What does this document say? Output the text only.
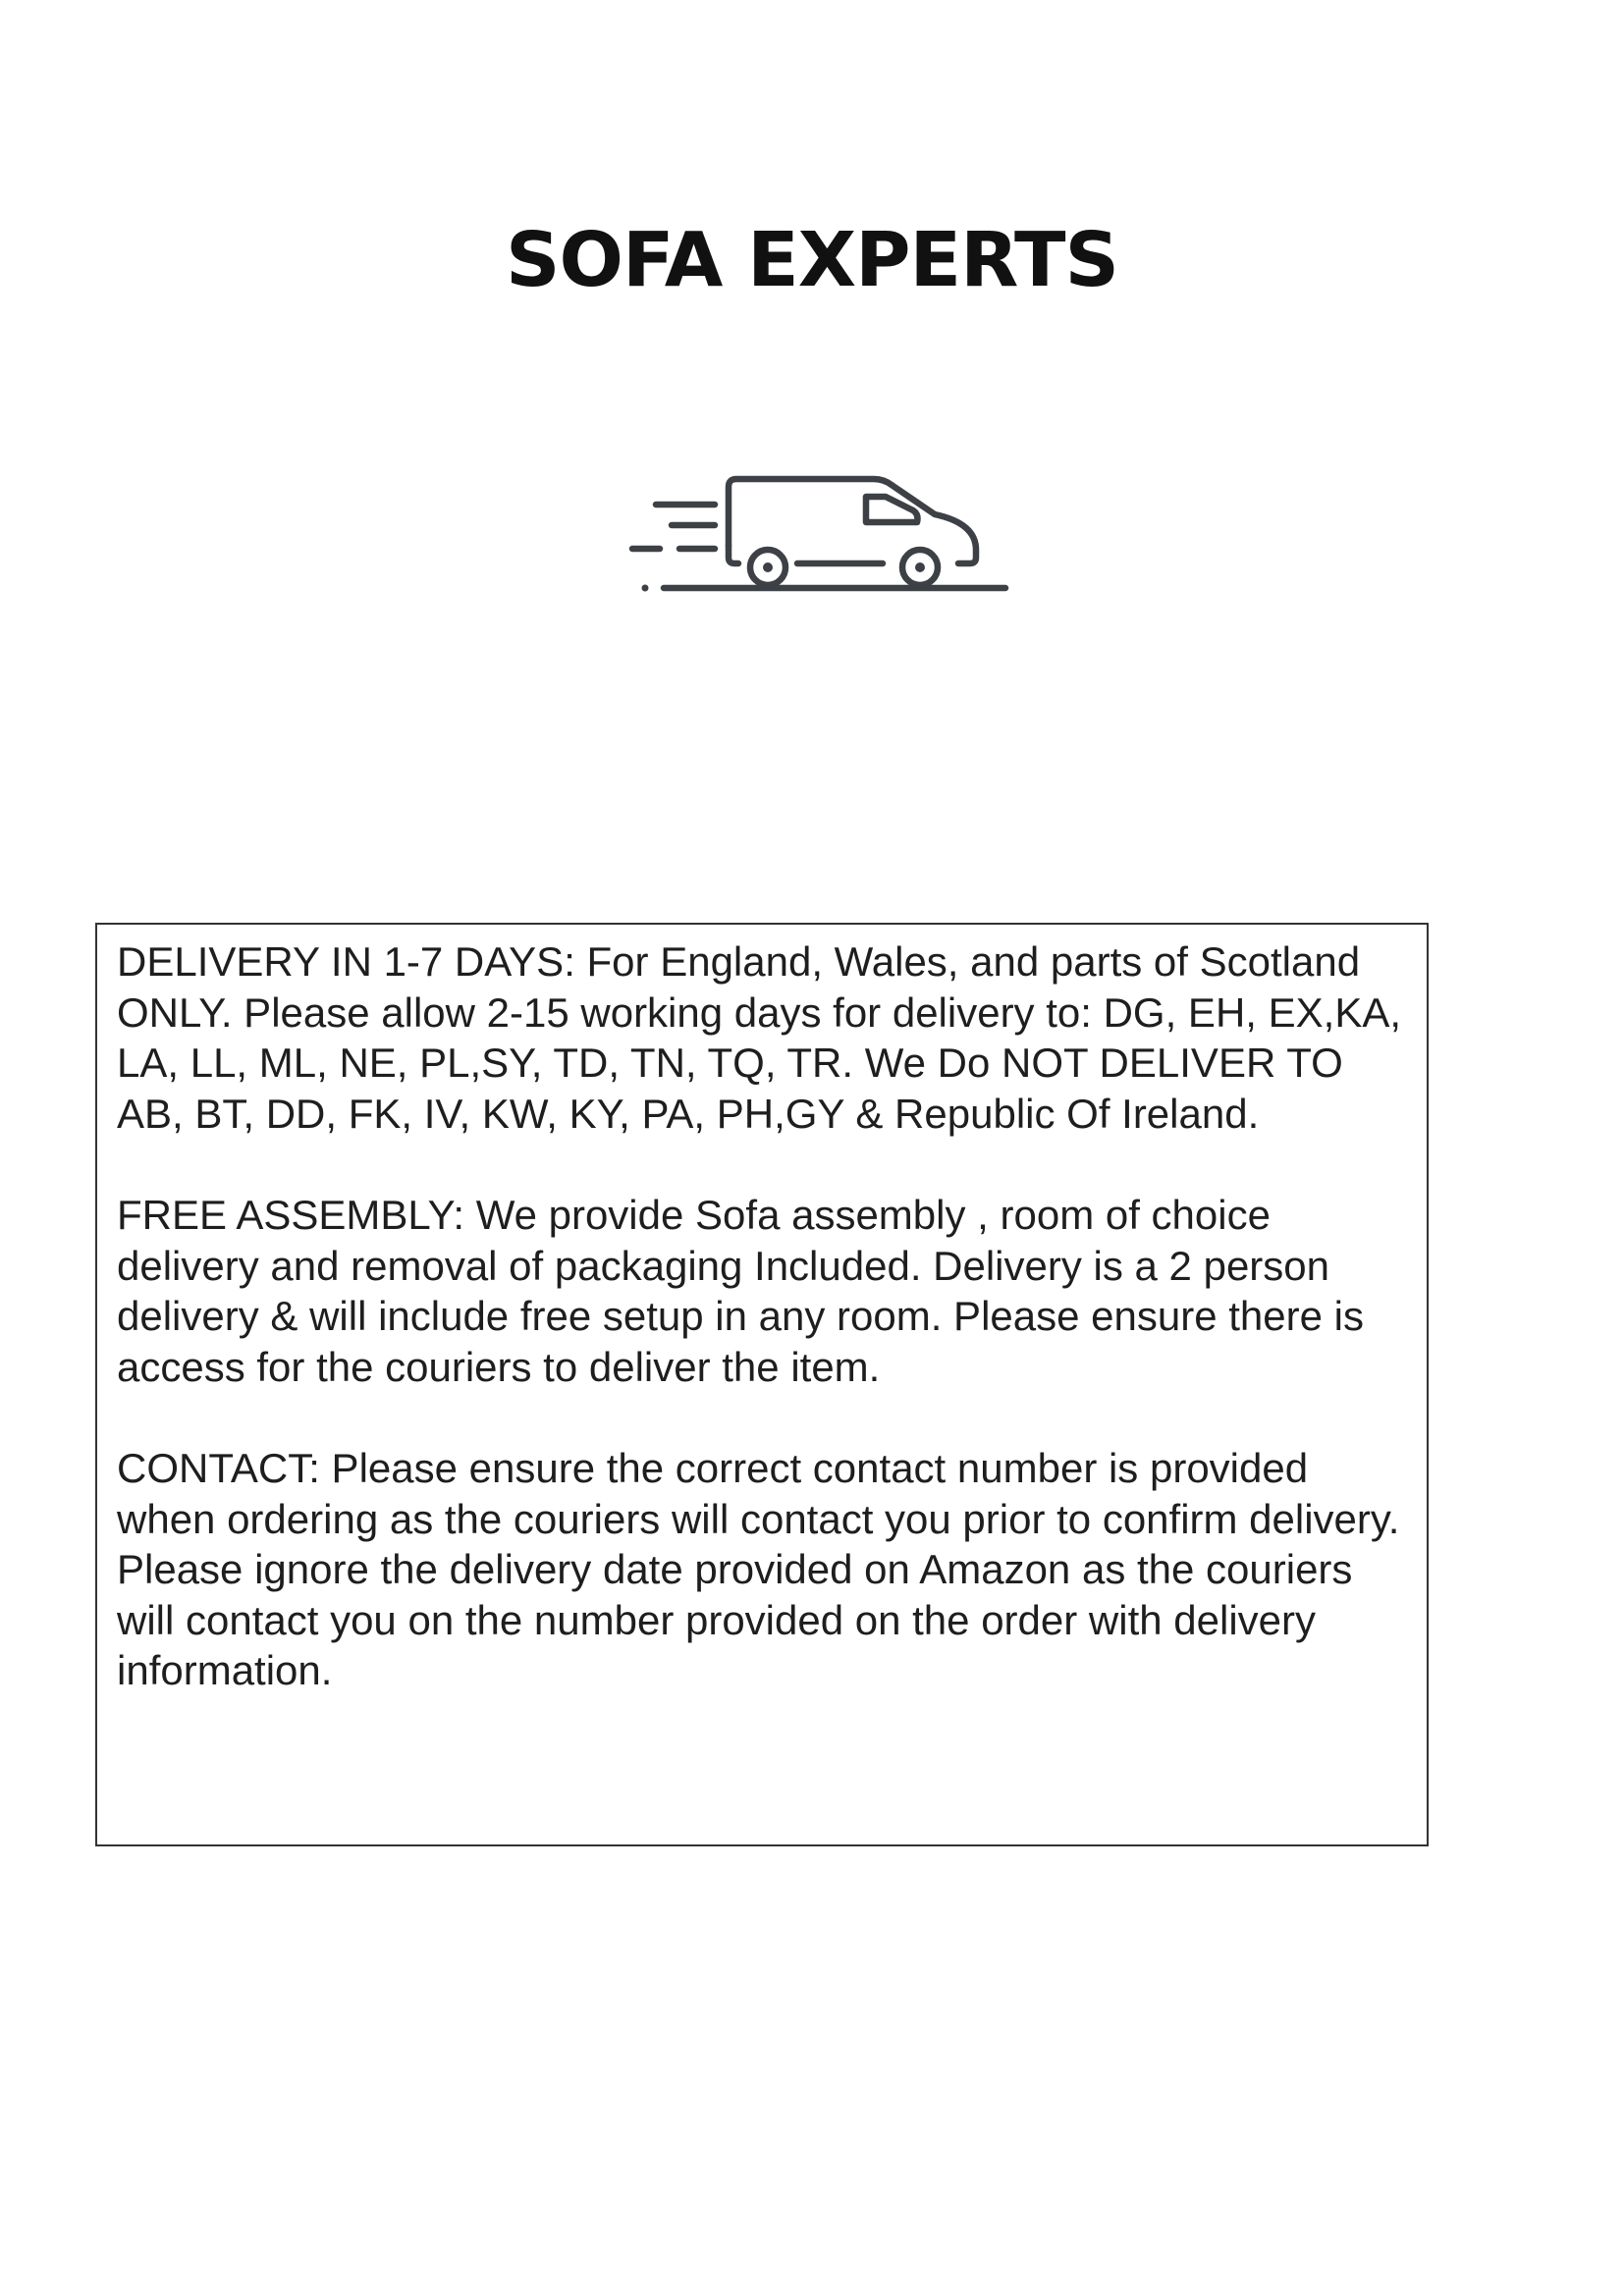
SOFA EXPERTS

DELIVERY IN 1-7 DAYS: For England, Wales, and parts of Scotland ONLY. Please allow 2-15 working days for delivery to: DG, EH, EX,KA, LA, LL, ML, NE, PL,SY, TD, TN, TQ, TR. We Do NOT DELIVER TO AB, BT, DD, FK, IV, KW, KY, PA, PH,GY & Republic Of Ireland.

FREE ASSEMBLY: We provide Sofa assembly , room of choice delivery and removal of packaging Included. Delivery is a 2 person delivery & will include free setup in any room. Please ensure there is access for the couriers to deliver the item.

CONTACT: Please ensure the correct contact number is provided when ordering as the couriers will contact you prior to confirm delivery. Please ignore the delivery date provided on Amazon as the couriers will contact you on the number provided on the order with delivery information.
